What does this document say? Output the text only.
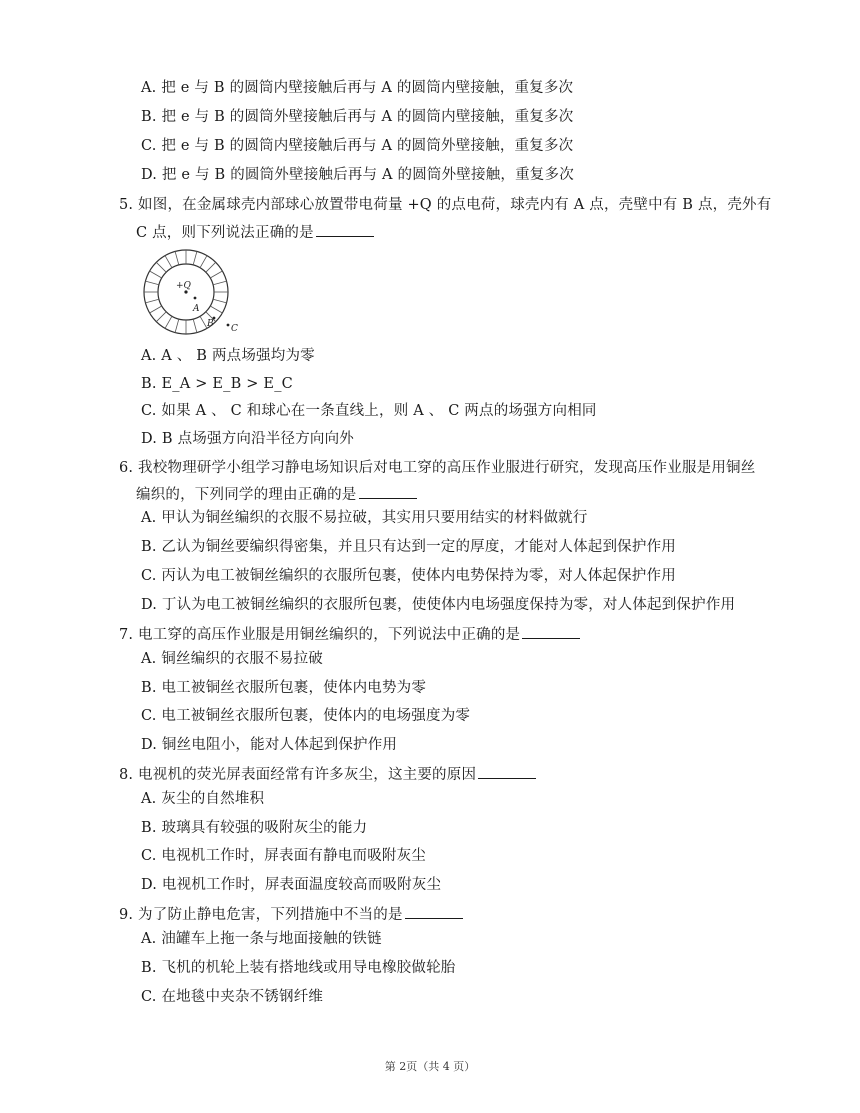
A. 把 e 与 B 的圆筒内壁接触后再与 A 的圆筒内壁接触，重复多次
B. 把 e 与 B 的圆筒外壁接触后再与 A 的圆筒内壁接触，重复多次
C. 把 e 与 B 的圆筒内壁接触后再与 A 的圆筒外壁接触，重复多次
D. 把 e 与 B 的圆筒外壁接触后再与 A 的圆筒外壁接触，重复多次
5. 如图，在金属球壳内部球心放置带电荷量 +Q 的点电荷，球壳内有 A 点，壳壁中有 B 点，壳外有
C 点，则下列说法正确的是
+Q
A
B C
A. A 、 B 两点场强均为零
B. E_A > E_B > E_C
C. 如果 A 、 C 和球心在一条直线上，则 A 、 C 两点的场强方向相同
D. B 点场强方向沿半径方向向外
6. 我校物理研学小组学习静电场知识后对电工穿的高压作业服进行研究，发现高压作业服是用铜丝
编织的，下列同学的理由正确的是
A. 甲认为铜丝编织的衣服不易拉破，其实用只要用结实的材料做就行
B. 乙认为铜丝要编织得密集，并且只有达到一定的厚度，才能对人体起到保护作用
C. 丙认为电工被铜丝编织的衣服所包裹，使体内电势保持为零，对人体起保护作用
D. 丁认为电工被铜丝编织的衣服所包裹，使使体内电场强度保持为零，对人体起到保护作用
7. 电工穿的高压作业服是用铜丝编织的，下列说法中正确的是
A. 铜丝编织的衣服不易拉破
B. 电工被铜丝衣服所包裹，使体内电势为零
C. 电工被铜丝衣服所包裹，使体内的电场强度为零
D. 铜丝电阻小，能对人体起到保护作用
8. 电视机的荧光屏表面经常有许多灰尘，这主要的原因
A. 灰尘的自然堆积
B. 玻璃具有较强的吸附灰尘的能力
C. 电视机工作时，屏表面有静电而吸附灰尘
D. 电视机工作时，屏表面温度较高而吸附灰尘
9. 为了防止静电危害，下列措施中不当的是
A. 油罐车上拖一条与地面接触的铁链
B. 飞机的机轮上装有搭地线或用导电橡胶做轮胎
C. 在地毯中夹杂不锈钢纤维
第 2页（共 4 页）
